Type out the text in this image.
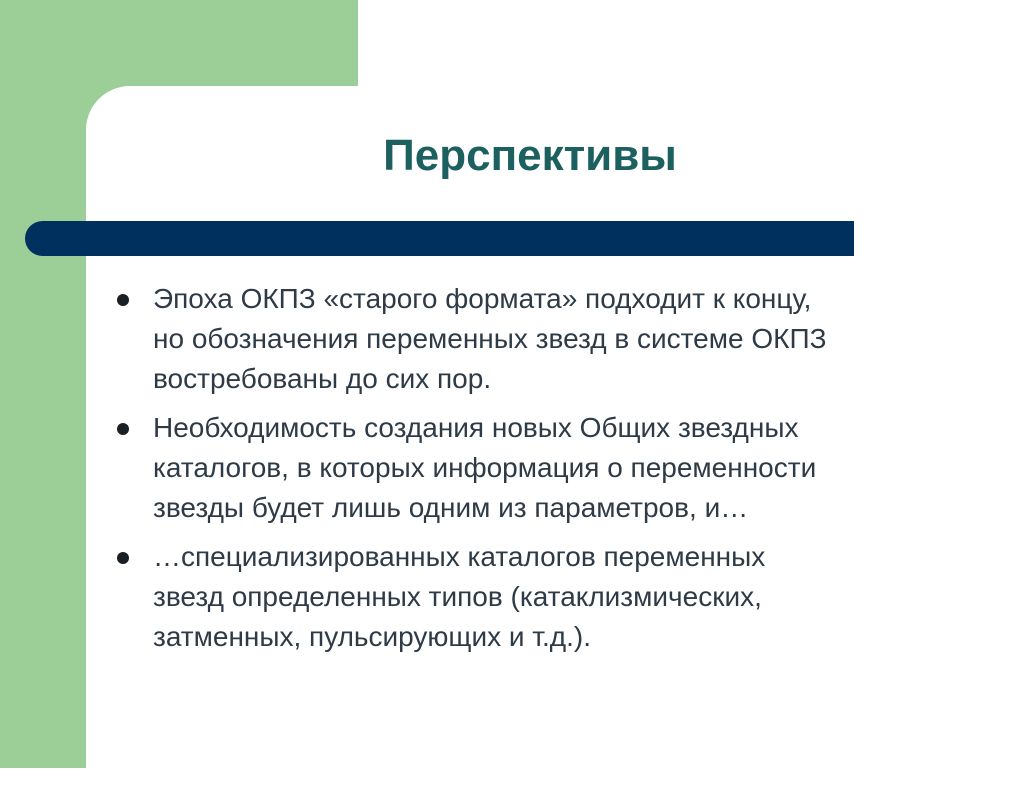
Перспективы
Эпоха ОКПЗ «старого формата» подходит к концу,
но обозначения переменных звезд в системе ОКПЗ
востребованы до сих пор.
Необходимость создания новых Общих звездных
каталогов, в которых информация о переменности
звезды будет лишь одним из параметров, и…
…специализированных каталогов переменных
звезд определенных типов (катаклизмических,
затменных, пульсирующих и т.д.).
